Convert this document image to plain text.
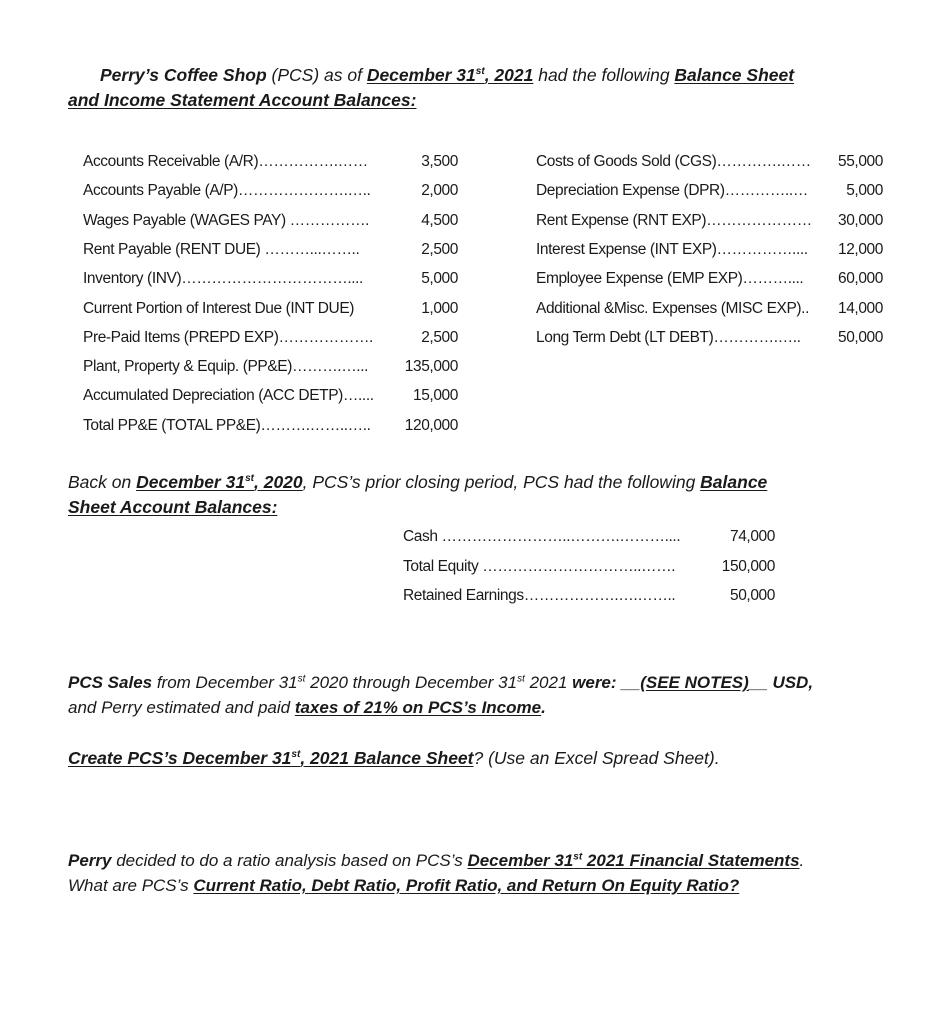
Perry’s Coffee Shop (PCS) as of December 31st, 2021 had the following Balance Sheet
and Income Statement Account Balances:
Accounts Receivable (A/R)…………….……	3,500
Accounts Payable (A/P)………………….…..	2,000
Wages Payable (WAGES PAY) …………….	4,500
Rent Payable (RENT DUE) ………...……..	2,500
Inventory (INV)……………………………....	5,000
Current Portion of Interest Due (INT DUE)	1,000
Pre-Paid Items (PREPD EXP)……………….	2,500
Plant, Property & Equip. (PP&E)……….…... 135,000
Accumulated Depreciation (ACC DETP)…....	15,000
Total PP&E (TOTAL PP&E)……….……..….. 120,000
Costs of Goods Sold (CGS)………….…… 55,000
Depreciation Expense (DPR)…………..… 5,000
Rent Expense (RNT EXP)………………… 30,000
Interest Expense (INT EXP)…………….... 12,000
Employee Expense (EMP EXP)……….... 60,000
Additional &Misc. Expenses (MISC EXP).. 14,000
Long Term Debt (LT DEBT)………….….. 50,000
Back on December 31st, 2020, PCS’s prior closing period, PCS had the following Balance
Sheet Account Balances:
Cash ……………………..……….………....	74,000
Total Equity …………………………..…….	150,000
Retained Earnings……………….….……..	50,000
PCS Sales from December 31st 2020 through December 31st 2021 were: __(SEE NOTES)__ USD,
and Perry estimated and paid taxes of 21% on PCS’s Income.
Create PCS’s December 31st, 2021 Balance Sheet? (Use an Excel Spread Sheet).
Perry decided to do a ratio analysis based on PCS’s December 31st 2021 Financial Statements.
What are PCS’s Current Ratio, Debt Ratio, Profit Ratio, and Return On Equity Ratio?
